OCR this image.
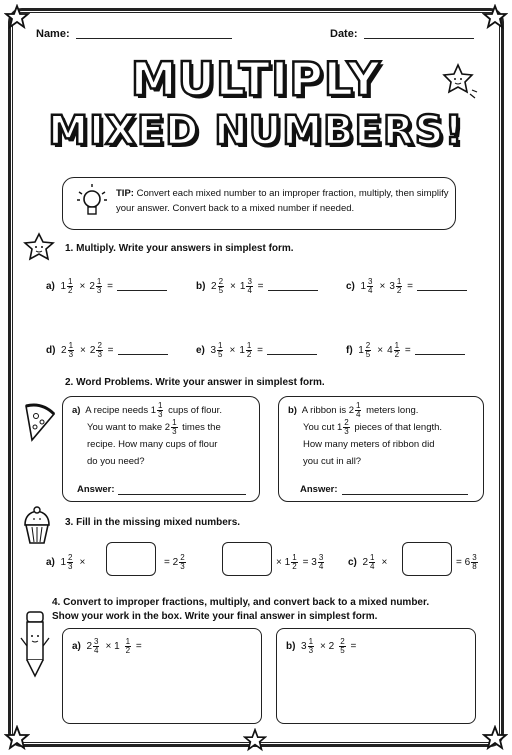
Name:	Date:
MULTIPLY
MIXED NUMBERS!
TIP: Convert each mixed number to an improper fraction, multiply, then simplify your answer. Convert back to a mixed number if needed.
1. Multiply. Write your answers in simplest form.
a)
$1 \frac{1}{2} \times 2 \frac{1}{3}$
=	b)
$2 \frac{2}{5} \times 1 \frac{3}{4}$
=	c)
$1 \frac{3}{4} \times 3 \frac{1}{2}$
=
d)
$2 \frac{1}{3} \times 2 \frac{2}{3}$
=	e)
$3 \frac{1}{5} \times 1 \frac{1}{2}$
=	f)
$1 \frac{2}{5} \times 4 \frac{1}{2}$
=
2. Word Problems. Write your answer in simplest form.
a) A recipe needs $1 \frac{1}{3}$ cups of flour.
You want to make $2 \frac{1}{3}$ times the
recipe. How many cups of flour
do you need?
Answer:
b) A ribbon is $2 \frac{1}{4}$ meters long.
You cut $1 \frac{2}{3}$ pieces of that length.
How many meters of ribbon did
you cut in all?
Answer:
3. Fill in the missing mixed numbers.
a)
$1 \frac{2}{3}$ ×	= 2 2
3	× $1 \frac{1}{2} = 3$ 3
4 c)
$2 \frac{1}{4}$ ×	= 6 3
8
4. Convert to improper fractions, multiply, and convert back to a mixed number.
Show your work in the box. Write your final answer in simplest form.
a)
$2 \frac{3}{4} \times 1 \frac{1}{2}$
=	b)
$3 \frac{1}{3} \times 2 \frac{2}{5}$
=
